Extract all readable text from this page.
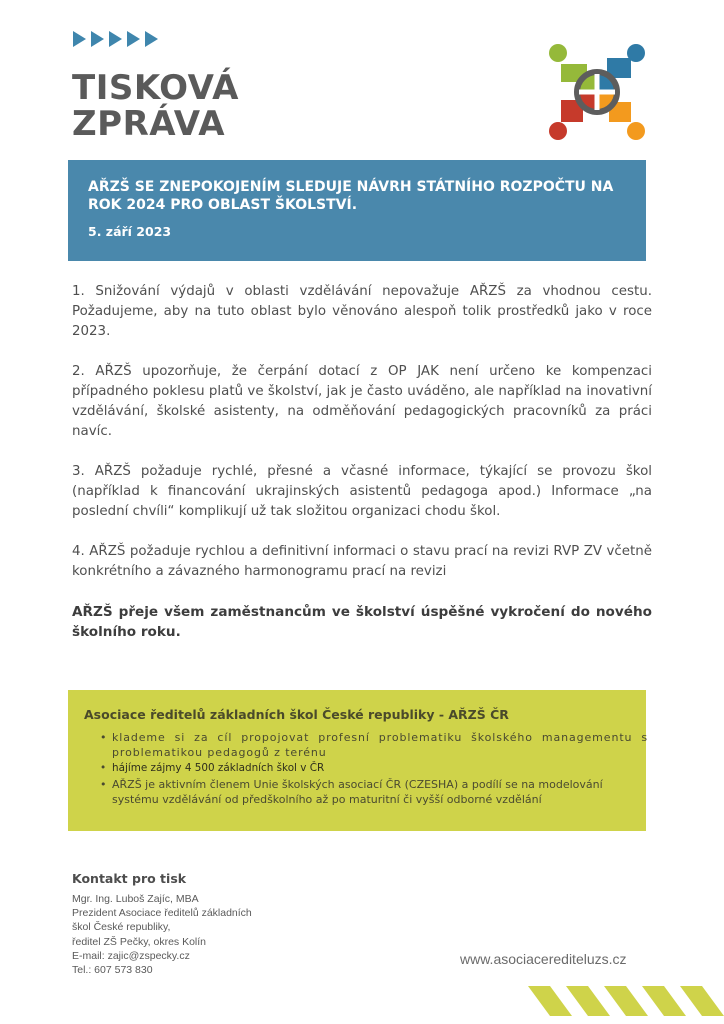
TISKOVÁ
ZPRÁVA
AŘZŠ SE ZNEPOKOJENÍM SLEDUJE NÁVRH STÁTNÍHO ROZPOČTU NA ROK 2024 PRO OBLAST ŠKOLSTVÍ.
5. září 2023

1. Snižování výdajů v oblasti vzdělávání nepovažuje AŘZŠ za vhodnou cestu. Požadujeme, aby na tuto oblast bylo věnováno alespoň tolik prostředků jako v roce 2023.

2. AŘZŠ upozorňuje, že čerpání dotací z OP JAK není určeno ke kompenzaci případného poklesu platů ve školství, jak je často uváděno, ale například na inovativní vzdělávání, školské asistenty, na odměňování pedagogických pracovníků za práci navíc.

3. AŘZŠ požaduje rychlé, přesné a včasné informace, týkající se provozu škol (například k financování ukrajinských asistentů pedagoga apod.) Informace „na poslední chvíli“ komplikují už tak složitou organizaci chodu škol.

4. AŘZŠ požaduje rychlou a definitivní informaci o stavu prací na revizi RVP ZV včetně konkrétního a závazného harmonogramu prací na revizi

AŘZŠ přeje všem zaměstnancům ve školství úspěšné vykročení do nového školního roku.

Asociace ředitelů základních škol České republiky - AŘZŠ ČR
• klademe si za cíl propojovat profesní problematiku školského managementu s problematikou pedagogů z terénu
• hájíme zájmy 4 500 základních škol v ČR
• AŘZŠ je aktivním členem Unie školských asociací ČR (CZESHA) a podílí se na modelování systému vzdělávání od předškolního až po maturitní či vyšší odborné vzdělání
Kontakt pro tisk
Mgr. Ing. Luboš Zajíc, MBA
Prezident Asociace ředitelů základních
škol České republiky,
ředitel ZŠ Pečky, okres Kolín
E-mail: zajic@zspecky.cz
Tel.: 607 573 830
www.asociacerediteluzs.cz
